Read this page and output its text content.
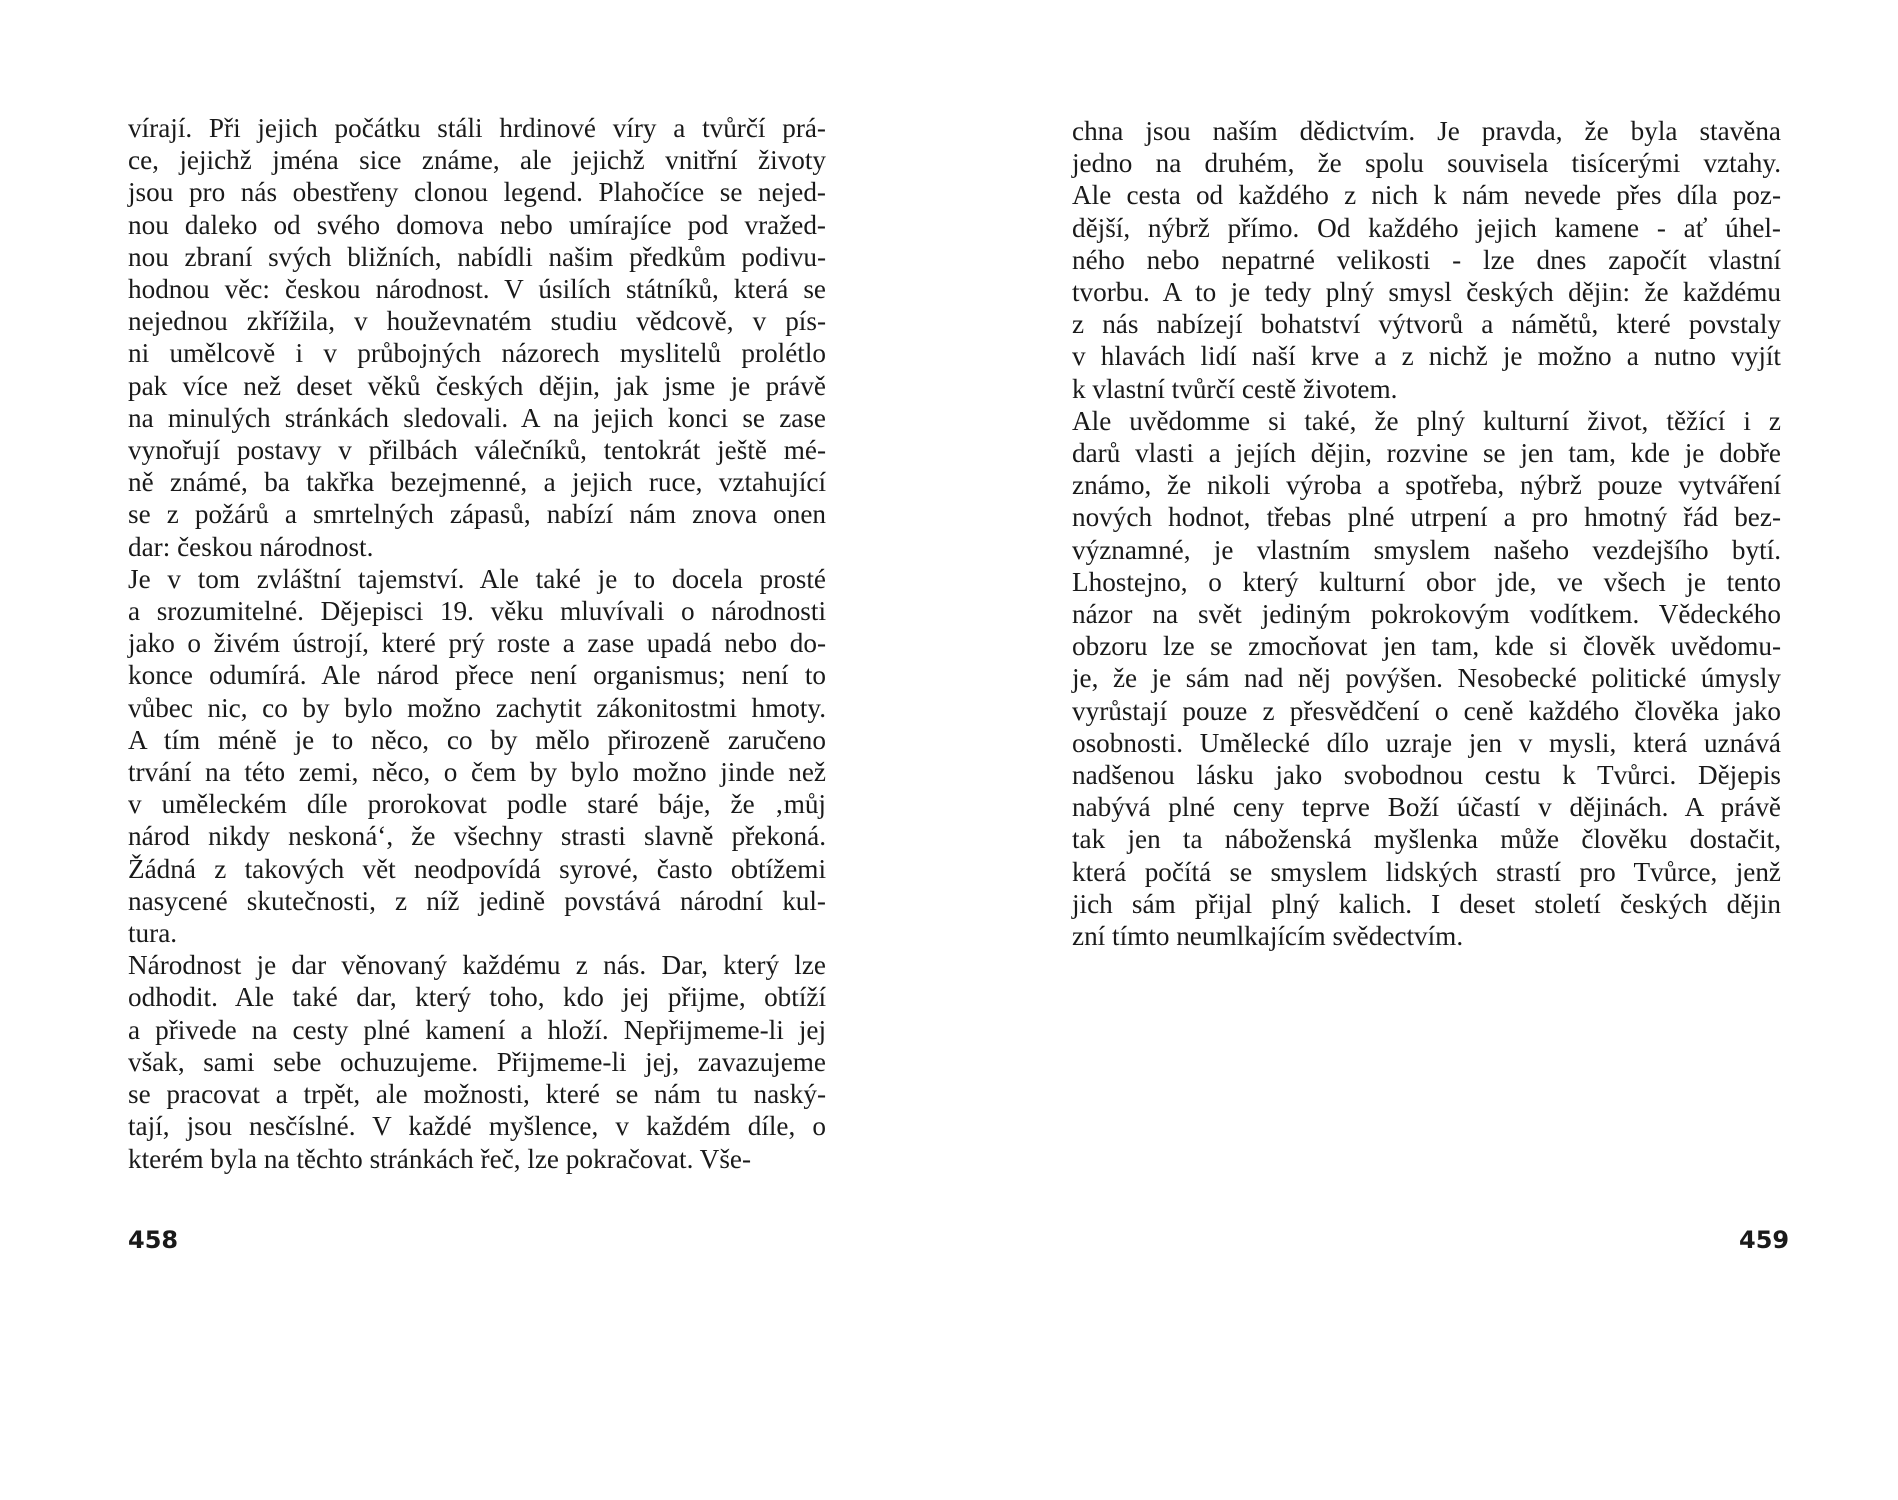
vírají. Při jejich počátku stáli hrdinové víry a tvůrčí prá-
ce, jejichž jména sice známe, ale jejichž vnitřní životy
jsou pro nás obestřeny clonou legend. Plahočíce se nejed-
nou daleko od svého domova nebo umírajíce pod vražed-
nou zbraní svých bližních, nabídli našim předkům podivu-
hodnou věc: českou národnost. V úsilích státníků, která se
nejednou zkřížila, v houževnatém studiu vědcově, v pís-
ni umělcově i v průbojných názorech myslitelů prolétlo
pak více než deset věků českých dějin, jak jsme je právě
na minulých stránkách sledovali. A na jejich konci se zase
vynořují postavy v přilbách válečníků, tentokrát ještě mé-
ně známé, ba takřka bezejmenné, a jejich ruce, vztahující
se z požárů a smrtelných zápasů, nabízí nám znova onen
dar: českou národnost.
Je v tom zvláštní tajemství. Ale také je to docela prosté
a srozumitelné. Dějepisci 19. věku mluvívali o národnosti
jako o živém ústrojí, které prý roste a zase upadá nebo do-
konce odumírá. Ale národ přece není organismus; není to
vůbec nic, co by bylo možno zachytit zákonitostmi hmoty.
A tím méně je to něco, co by mělo přirozeně zaručeno
trvání na této zemi, něco, o čem by bylo možno jinde než
v uměleckém díle prorokovat podle staré báje, že ‚můj
národ nikdy neskoná‘, že všechny strasti slavně překoná.
Žádná z takových vět neodpovídá syrové, často obtížemi
nasycené skutečnosti, z níž jedině povstává národní kul-
tura.
Národnost je dar věnovaný každému z nás. Dar, který lze
odhodit. Ale také dar, který toho, kdo jej přijme, obtíží
a přivede na cesty plné kamení a hloží. Nepřijmeme-li jej
však, sami sebe ochuzujeme. Přijmeme-li jej, zavazujeme
se pracovat a trpět, ale možnosti, které se nám tu naský-
tají, jsou nesčíslné. V každé myšlence, v každém díle, o
kterém byla na těchto stránkách řeč, lze pokračovat. Vše-
458
chna jsou naším dědictvím. Je pravda, že byla stavěna
jedno na druhém, že spolu souvisela tisícerými vztahy.
Ale cesta od každého z nich k nám nevede přes díla poz-
dější, nýbrž přímo. Od každého jejich kamene - ať úhel-
ného nebo nepatrné velikosti - lze dnes započít vlastní
tvorbu. A to je tedy plný smysl českých dějin: že každému
z nás nabízejí bohatství výtvorů a námětů, které povstaly
v hlavách lidí naší krve a z nichž je možno a nutno vyjít
k vlastní tvůrčí cestě životem.
Ale uvědomme si také, že plný kulturní život, těžící i z
darů vlasti a jejích dějin, rozvine se jen tam, kde je dobře
známo, že nikoli výroba a spotřeba, nýbrž pouze vytváření
nových hodnot, třebas plné utrpení a pro hmotný řád bez-
významné, je vlastním smyslem našeho vezdejšího bytí.
Lhostejno, o který kulturní obor jde, ve všech je tento
názor na svět jediným pokrokovým vodítkem. Vědeckého
obzoru lze se zmocňovat jen tam, kde si člověk uvědomu-
je, že je sám nad něj povýšen. Nesobecké politické úmysly
vyrůstají pouze z přesvědčení o ceně každého člověka jako
osobnosti. Umělecké dílo uzraje jen v mysli, která uznává
nadšenou lásku jako svobodnou cestu k Tvůrci. Dějepis
nabývá plné ceny teprve Boží účastí v dějinách. A právě
tak jen ta náboženská myšlenka může člověku dostačit,
která počítá se smyslem lidských strastí pro Tvůrce, jenž
jich sám přijal plný kalich. I deset století českých dějin
zní tímto neumlkajícím svědectvím.
459
